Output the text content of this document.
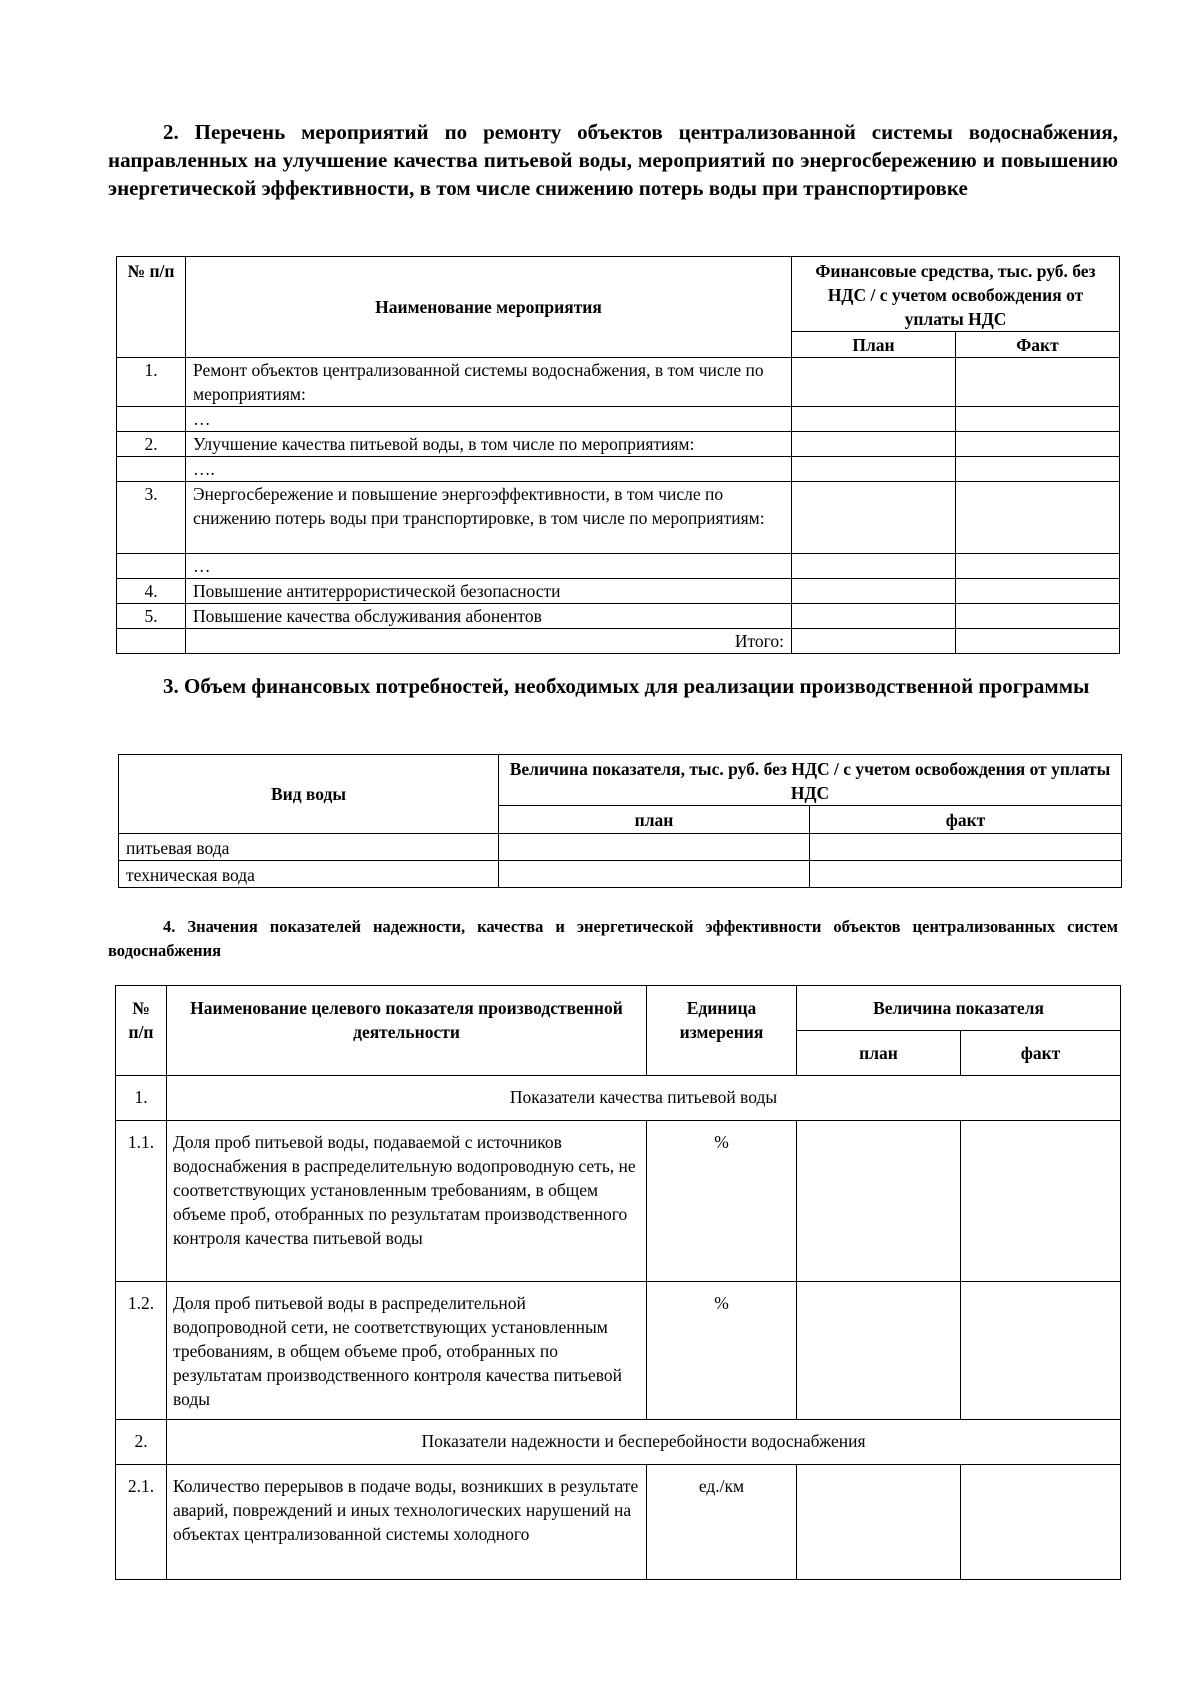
2. Перечень мероприятий по ремонту объектов централизованной системы водоснабжения, направленных на улучшение качества питьевой воды, мероприятий по энергосбережению и повышению энергетической эффективности, в том числе снижению потерь воды при транспортировке
№ п/п	Наименование мероприятия	Финансовые средства, тыс. руб. без НДС / с учетом освобождения от уплаты НДС	
		План	Факт
1.	Ремонт объектов централизованной системы водоснабжения, в том числе по мероприятиям:		
	…		
2.	Улучшение качества питьевой воды, в том числе по мероприятиям:		
	….		
3.	Энергосбережение и повышение энергоэффективности, в том числе по снижению потерь воды при транспортировке, в том числе по мероприятиям:		
	…		
4.	Повышение антитеррористической безопасности		
5.	Повышение качества обслуживания абонентов		
	Итого:		
3. Объем финансовых потребностей, необходимых для реализации производственной программы
Вид воды	Величина показателя, тыс. руб. без НДС / с учетом освобождения от уплаты НДС	
	план	факт
питьевая вода		
техническая вода		
4. Значения показателей надежности, качества и энергетической эффективности объектов централизованных систем водоснабжения
№ п/п	Наименование целевого показателя производственной деятельности	Единица измерения	Величина показателя	
			план	факт
1.	Показатели качества питьевой воды			
1.1.	Доля проб питьевой воды, подаваемой с источников водоснабжения в распределительную водопроводную сеть, не соответствующих установленным требованиям, в общем объеме проб, отобранных по результатам производственного контроля качества питьевой воды	%		
1.2.	Доля проб питьевой воды в распределительной водопроводной сети, не соответствующих установленным требованиям, в общем объеме проб, отобранных по результатам производственного контроля качества питьевой воды	%		
2.	Показатели надежности и бесперебойности водоснабжения			
2.1.	Количество перерывов в подаче воды, возникших в результате аварий, повреждений и иных технологических нарушений на объектах централизованной системы холодного	ед./км		
